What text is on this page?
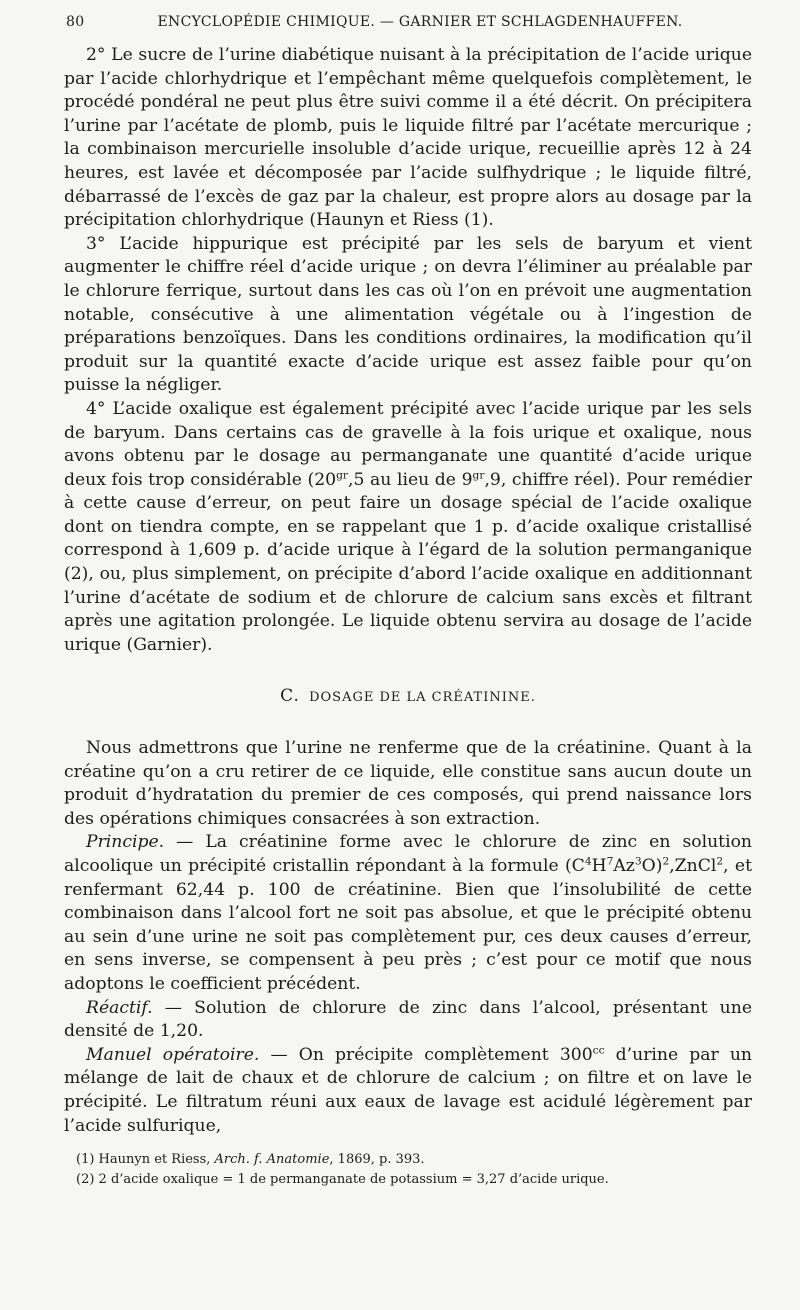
80	ENCYCLOPÉDIE CHIMIQUE. — GARNIER ET SCHLAGDENHAUFFEN.

2° Le sucre de l’urine diabétique nuisant à la précipitation de l’acide urique par l’acide chlorhydrique et l’empêchant même quelquefois complètement, le procédé pondéral ne peut plus être suivi comme il a été décrit. On précipitera l’urine par l’acétate de plomb, puis le liquide filtré par l’acétate mercurique ; la combinaison mercurielle insoluble d’acide urique, recueillie après 12 à 24 heures, est lavée et décomposée par l’acide sulfhydrique ; le liquide filtré, débarrassé de l’excès de gaz par la chaleur, est propre alors au dosage par la précipitation chlorhydrique (Haunyn et Riess (1).

3° L’acide hippurique est précipité par les sels de baryum et vient augmenter le chiffre réel d’acide urique ; on devra l’éliminer au préalable par le chlorure ferrique, surtout dans les cas où l’on en prévoit une augmentation notable, consécutive à une alimentation végétale ou à l’ingestion de préparations benzoïques. Dans les conditions ordinaires, la modification qu’il produit sur la quantité exacte d’acide urique est assez faible pour qu’on puisse la négliger.

4° L’acide oxalique est également précipité avec l’acide urique par les sels de baryum. Dans certains cas de gravelle à la fois urique et oxalique, nous avons obtenu par le dosage au permanganate une quantité d’acide urique deux fois trop considérable ($20^{gr},5$ au lieu de $9^{gr},9$, chiffre réel). Pour remédier à cette cause d’erreur, on peut faire un dosage spécial de l’acide oxalique dont on tiendra compte, en se rappelant que 1 p. d’acide oxalique cristallisé correspond à 1,609 p. d’acide urique à l’égard de la solution permanganique (2), ou, plus simplement, on précipite d’abord l’acide oxalique en additionnant l’urine d’acétate de sodium et de chlorure de calcium sans excès et filtrant après une agitation prolongée. Le liquide obtenu servira au dosage de l’acide urique (Garnier).

C. DOSAGE DE LA CRÉATININE.

Nous admettrons que l’urine ne renferme que de la créatinine. Quant à la créatine qu’on a cru retirer de ce liquide, elle constitue sans aucun doute un produit d’hydratation du premier de ces composés, qui prend naissance lors des opérations chimiques consacrées à son extraction.

Principe. — La créatinine forme avec le chlorure de zinc en solution alcoolique un précipité cristallin répondant à la formule $(C^4H^7Az^3O)^2,ZnCl^2$, et renfermant 62,44 p. 100 de créatinine. Bien que l’insolubilité de cette combinaison dans l’alcool fort ne soit pas absolue, et que le précipité obtenu au sein d’une urine ne soit pas complètement pur, ces deux causes d’erreur, en sens inverse, se compensent à peu près ; c’est pour ce motif que nous adoptons le coefficient précédent.

Réactif. — Solution de chlorure de zinc dans l’alcool, présentant une densité de 1,20.

Manuel opératoire. — On précipite complètement $300^{cc}$ d’urine par un mélange de lait de chaux et de chlorure de calcium ; on filtre et on lave le précipité. Le filtratum réuni aux eaux de lavage est acidulé légèrement par l’acide sulfurique,

(1) Haunyn et Riess, Arch. f. Anatomie, 1869, p. 393.
(2) 2 d’acide oxalique = 1 de permanganate de potassium = 3,27 d’acide urique.
